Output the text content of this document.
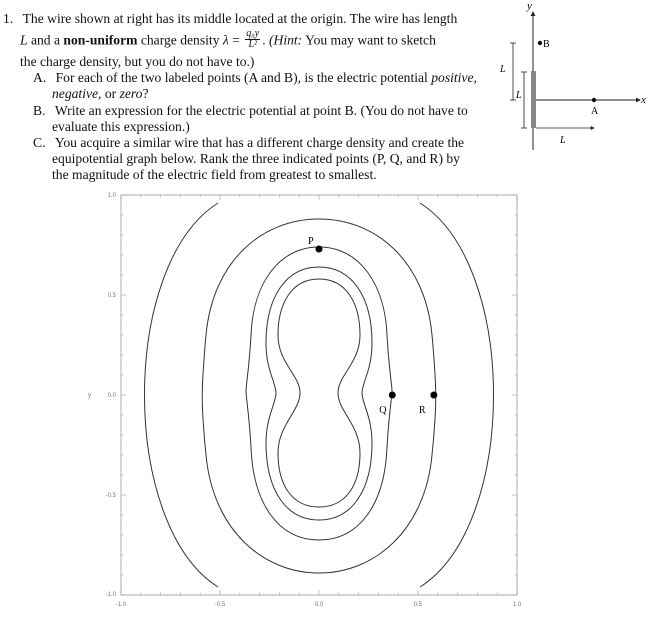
1. The wire shown at right has its middle located at the origin. The wire has length
L and a non-uniform charge density $\lambda = \frac{\text{q₀y}}{\text{L²}}$ . (Hint: You may want to sketch
the charge density, but you do not have to.)
A. For each of the two labeled points (A and B), is the electric potential positive,
negative, or zero?
B. Write an expression for the electric potential at point B. (You do not have to
evaluate this expression.)
C. You acquire a similar wire that has a different charge density and create the
equipotential graph below. Rank the three indicated points (P, Q, and R) by
the magnitude of the electric field from greatest to smallest.
y
x
B
A
L
L
L
-1.0	-0.5	0.0	0.5	1.0
1.0
0.5
0.0
-0.5
-1.0
y
P
Q	R
